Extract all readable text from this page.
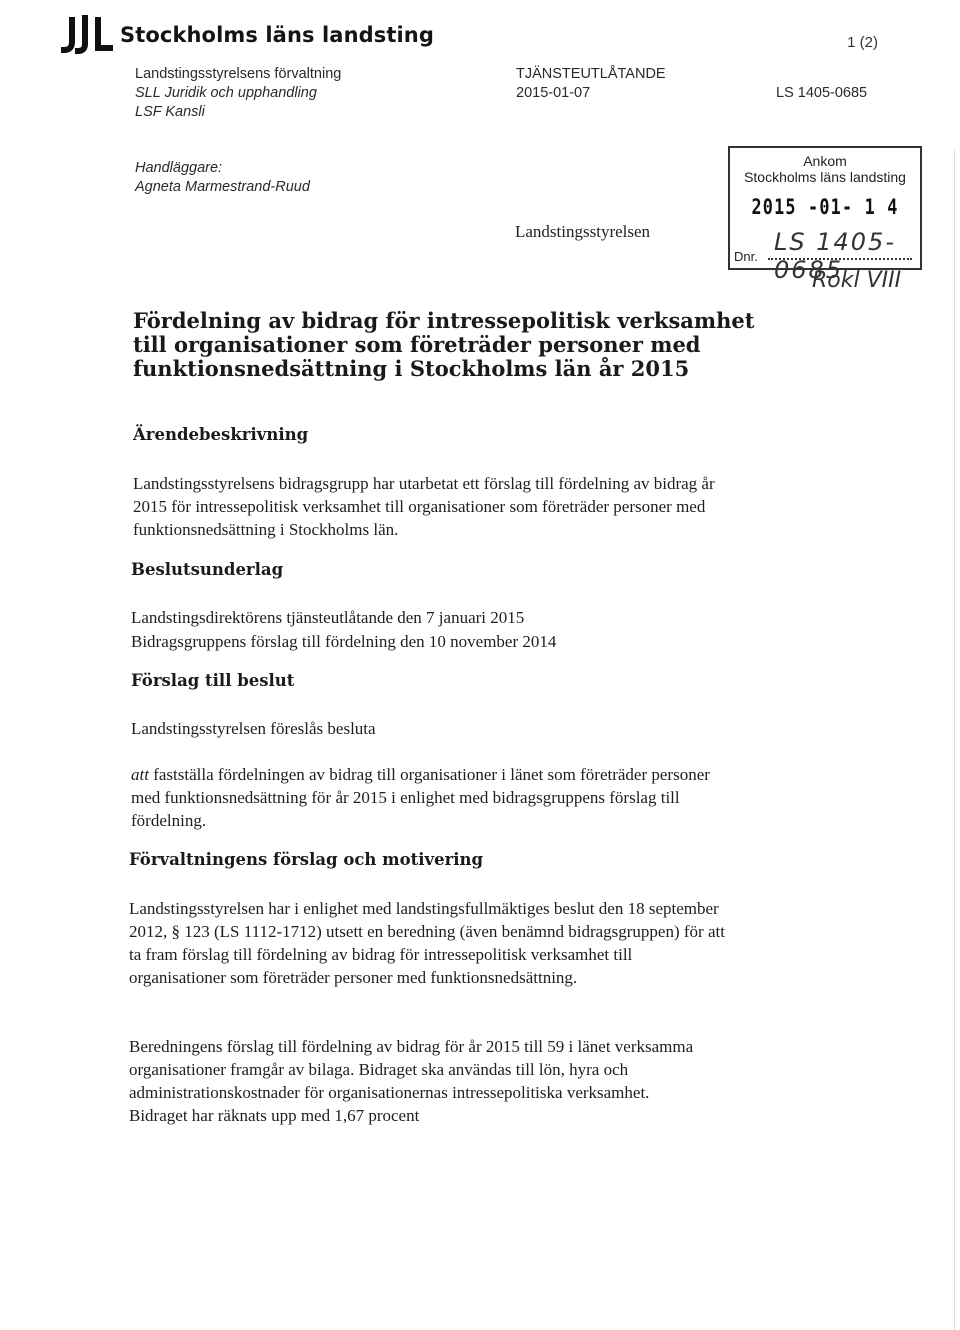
Stockholms läns landsting	1 (2)
Landstingsstyrelsens förvaltning
SLL Juridik och upphandling
LSF Kansli
TJÄNSTEUTLÅTANDE
2015-01-07	LS 1405-0685
Handläggare:
Agneta Marmestrand-Ruud
Landstingsstyrelsen
Ankom
Stockholms läns landsting
2015 -01- 1 4
Dnr.
LS 1405-0685
Rokl VIII
Fördelning av bidrag för intressepolitisk verksamhet till organisationer som företräder personer med funktionsnedsättning i Stockholms län år 2015
Ärendebeskrivning
Landstingsstyrelsens bidragsgrupp har utarbetat ett förslag till fördelning av bidrag år 2015 för intressepolitisk verksamhet till organisationer som företräder personer med funktionsnedsättning i Stockholms län.
Beslutsunderlag
Landstingsdirektörens tjänsteutlåtande den 7 januari 2015
Bidragsgruppens förslag till fördelning den 10 november 2014
Förslag till beslut
Landstingsstyrelsen föreslås besluta
att fastställa fördelningen av bidrag till organisationer i länet som företräder personer med funktionsnedsättning för år 2015 i enlighet med bidragsgruppens förslag till fördelning.
Förvaltningens förslag och motivering
Landstingsstyrelsen har i enlighet med landstingsfullmäktiges beslut den 18 september 2012, § 123 (LS 1112-1712) utsett en beredning (även benämnd bidragsgruppen) för att ta fram förslag till fördelning av bidrag för intressepolitisk verksamhet till organisationer som företräder personer med funktionsnedsättning.
Beredningens förslag till fördelning av bidrag för år 2015 till 59 i länet verksamma organisationer framgår av bilaga. Bidraget ska användas till lön, hyra och administrationskostnader för organisationernas intressepolitiska verksamhet. Bidraget har räknats upp med 1,67 procent
